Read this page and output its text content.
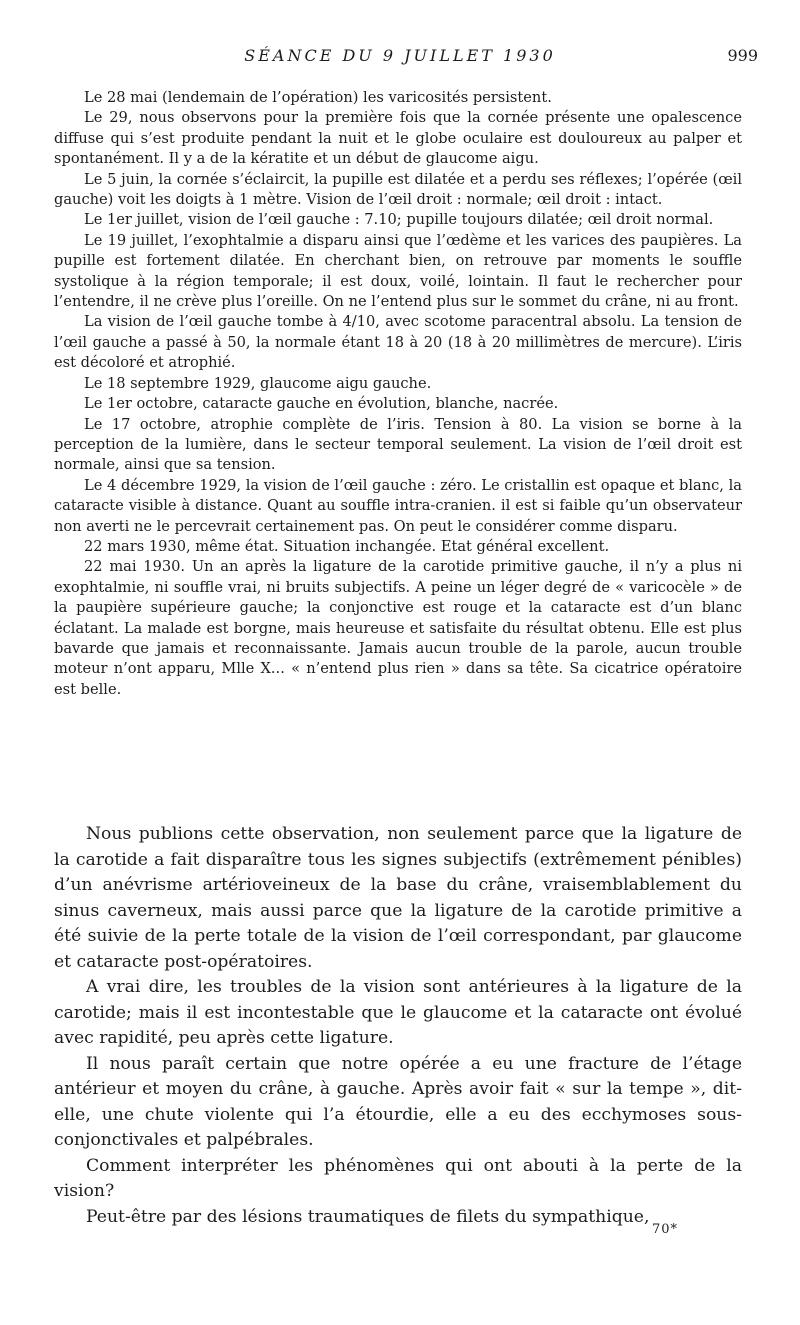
SÉANCE DU 9 JUILLET 1930	999

Le 28 mai (lendemain de l’opération) les varicosités persistent.

Le 29, nous observons pour la première fois que la cornée présente une opalescence diffuse qui s’est produite pendant la nuit et le globe oculaire est douloureux au palper et spontanément. Il y a de la kératite et un début de glaucome aigu.

Le 5 juin, la cornée s’éclaircit, la pupille est dilatée et a perdu ses réflexes; l’opérée (œil gauche) voit les doigts à 1 mètre. Vision de l’œil droit : normale; œil droit : intact.

Le 1er juillet, vision de l’œil gauche : 7.10; pupille toujours dilatée; œil droit normal.

Le 19 juillet, l’exophtalmie a disparu ainsi que l’œdème et les varices des paupières. La pupille est fortement dilatée. En cherchant bien, on retrouve par moments le souffle systolique à la région temporale; il est doux, voilé, lointain. Il faut le rechercher pour l’entendre, il ne crève plus l’oreille. On ne l’entend plus sur le sommet du crâne, ni au front.

La vision de l’œil gauche tombe à 4/10, avec scotome paracentral absolu. La tension de l’œil gauche a passé à 50, la normale étant 18 à 20 (18 à 20 millimètres de mercure). L’iris est décoloré et atrophié.

Le 18 septembre 1929, glaucome aigu gauche.

Le 1er octobre, cataracte gauche en évolution, blanche, nacrée.

Le 17 octobre, atrophie complète de l’iris. Tension à 80. La vision se borne à la perception de la lumière, dans le secteur temporal seulement. La vision de l’œil droit est normale, ainsi que sa tension.

Le 4 décembre 1929, la vision de l’œil gauche : zéro. Le cristallin est opaque et blanc, la cataracte visible à distance. Quant au souffle intra-cranien. il est si faible qu’un observateur non averti ne le percevrait certainement pas. On peut le considérer comme disparu.

22 mars 1930, même état. Situation inchangée. Etat général excellent.

22 mai 1930. Un an après la ligature de la carotide primitive gauche, il n’y a plus ni exophtalmie, ni souffle vrai, ni bruits subjectifs. A peine un léger degré de « varicocèle » de la paupière supérieure gauche; la conjonctive est rouge et la cataracte est d’un blanc éclatant. La malade est borgne, mais heureuse et satisfaite du résultat obtenu. Elle est plus bavarde que jamais et reconnaissante. Jamais aucun trouble de la parole, aucun trouble moteur n’ont apparu, Mlle X... « n’entend plus rien » dans sa tête. Sa cicatrice opératoire est belle.

Nous publions cette observation, non seulement parce que la ligature de la carotide a fait disparaître tous les signes subjectifs (extrêmement pénibles) d’un anévrisme artérioveineux de la base du crâne, vraisemblablement du sinus caverneux, mais aussi parce que la ligature de la carotide primitive a été suivie de la perte totale de la vision de l’œil correspondant, par glaucome et cataracte post-opératoires.

A vrai dire, les troubles de la vision sont antérieures à la ligature de la carotide; mais il est incontestable que le glaucome et la cataracte ont évolué avec rapidité, peu après cette ligature.

Il nous paraît certain que notre opérée a eu une fracture de l’étage antérieur et moyen du crâne, à gauche. Après avoir fait « sur la tempe », dit-elle, une chute violente qui l’a étourdie, elle a eu des ecchymoses sous-conjonctivales et palpébrales.

Comment interpréter les phénomènes qui ont abouti à la perte de la vision?

Peut-être par des lésions traumatiques de filets du sympathique,

70*
